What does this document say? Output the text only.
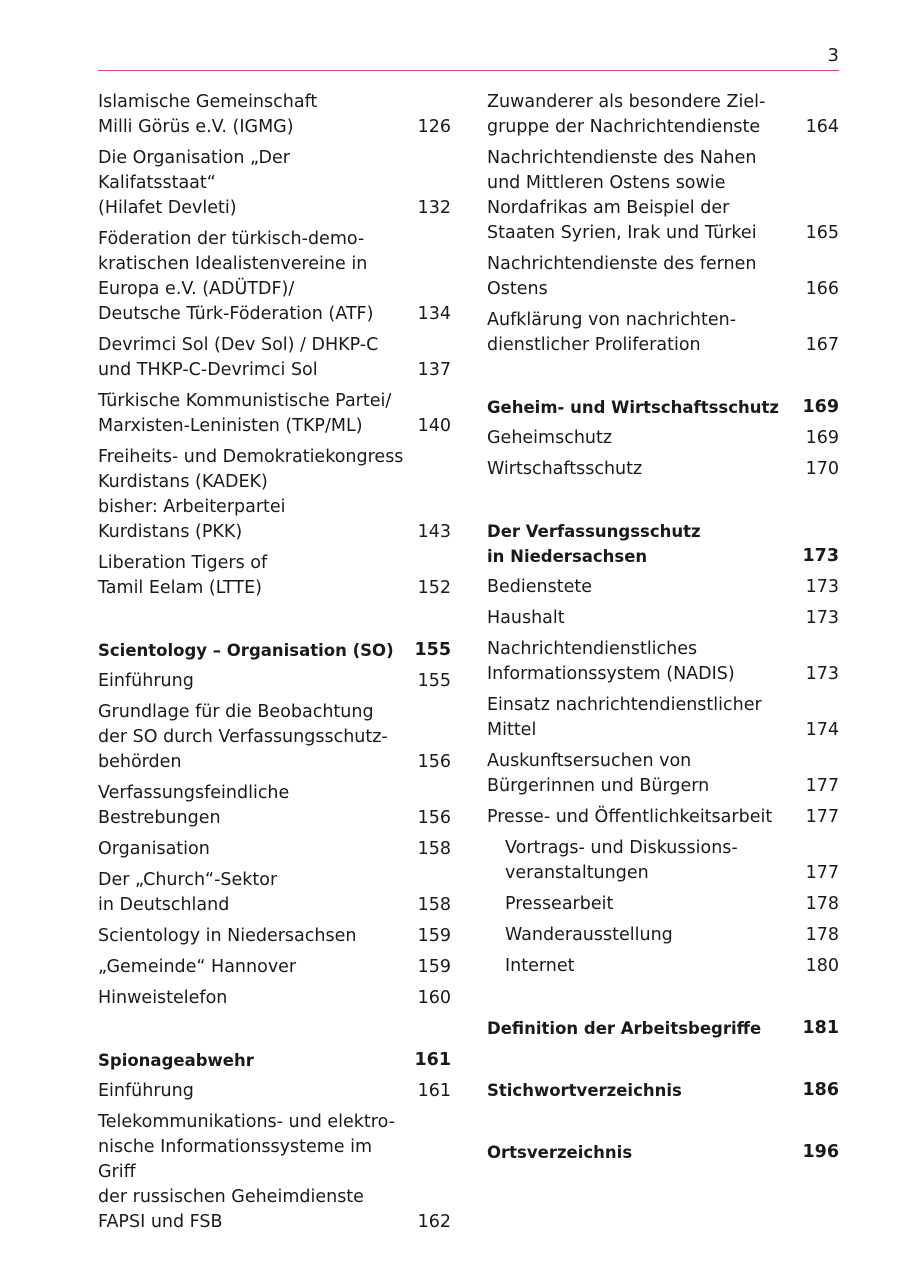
3
Islamische Gemeinschaft
Milli Görüs e.V. (IGMG)	126
Die Organisation „Der Kalifatsstaat“
(Hilafet Devleti)	132
Föderation der türkisch-demo-
kratischen Idealistenvereine in
Europa e.V. (ADÜTDF)/
Deutsche Türk-Föderation (ATF)	134
Devrimci Sol (Dev Sol) / DHKP-C
und THKP-C-Devrimci Sol	137
Türkische Kommunistische Partei/
Marxisten-Leninisten (TKP/ML)	140
Freiheits- und Demokratiekongress
Kurdistans (KADEK)
bisher: Arbeiterpartei
Kurdistans (PKK)	143
Liberation Tigers of
Tamil Eelam (LTTE)	152
Scientology – Organisation (SO)	155
Einführung	155
Grundlage für die Beobachtung
der SO durch Verfassungsschutz-
behörden	156
Verfassungsfeindliche
Bestrebungen	156
Organisation	158
Der „Church“-Sektor
in Deutschland	158
Scientology in Niedersachsen	159
„Gemeinde“ Hannover	159
Hinweistelefon	160
Spionageabwehr	161
Einführung	161
Telekommunikations- und elektro-
nische Informationssysteme im Griff
der russischen Geheimdienste
FAPSI und FSB	162
Zuwanderer als besondere Ziel-
gruppe der Nachrichtendienste	164
Nachrichtendienste des Nahen
und Mittleren Ostens sowie
Nordafrikas am Beispiel der
Staaten Syrien, Irak und Türkei	165
Nachrichtendienste des fernen
Ostens	166
Aufklärung von nachrichten-
dienstlicher Proliferation	167
Geheim- und Wirtschaftsschutz	169
Geheimschutz	169
Wirtschaftsschutz	170
Der Verfassungsschutz
in Niedersachsen	173
Bedienstete	173
Haushalt	173
Nachrichtendienstliches
Informationssystem (NADIS)	173
Einsatz nachrichtendienstlicher
Mittel	174
Auskunftsersuchen von
Bürgerinnen und Bürgern	177
Presse- und Öffentlichkeitsarbeit	177
Vortrags- und Diskussions-
veranstaltungen	177
Pressearbeit	178
Wanderausstellung	178
Internet	180
Definition der Arbeitsbegriffe	181
Stichwortverzeichnis	186
Ortsverzeichnis	196
